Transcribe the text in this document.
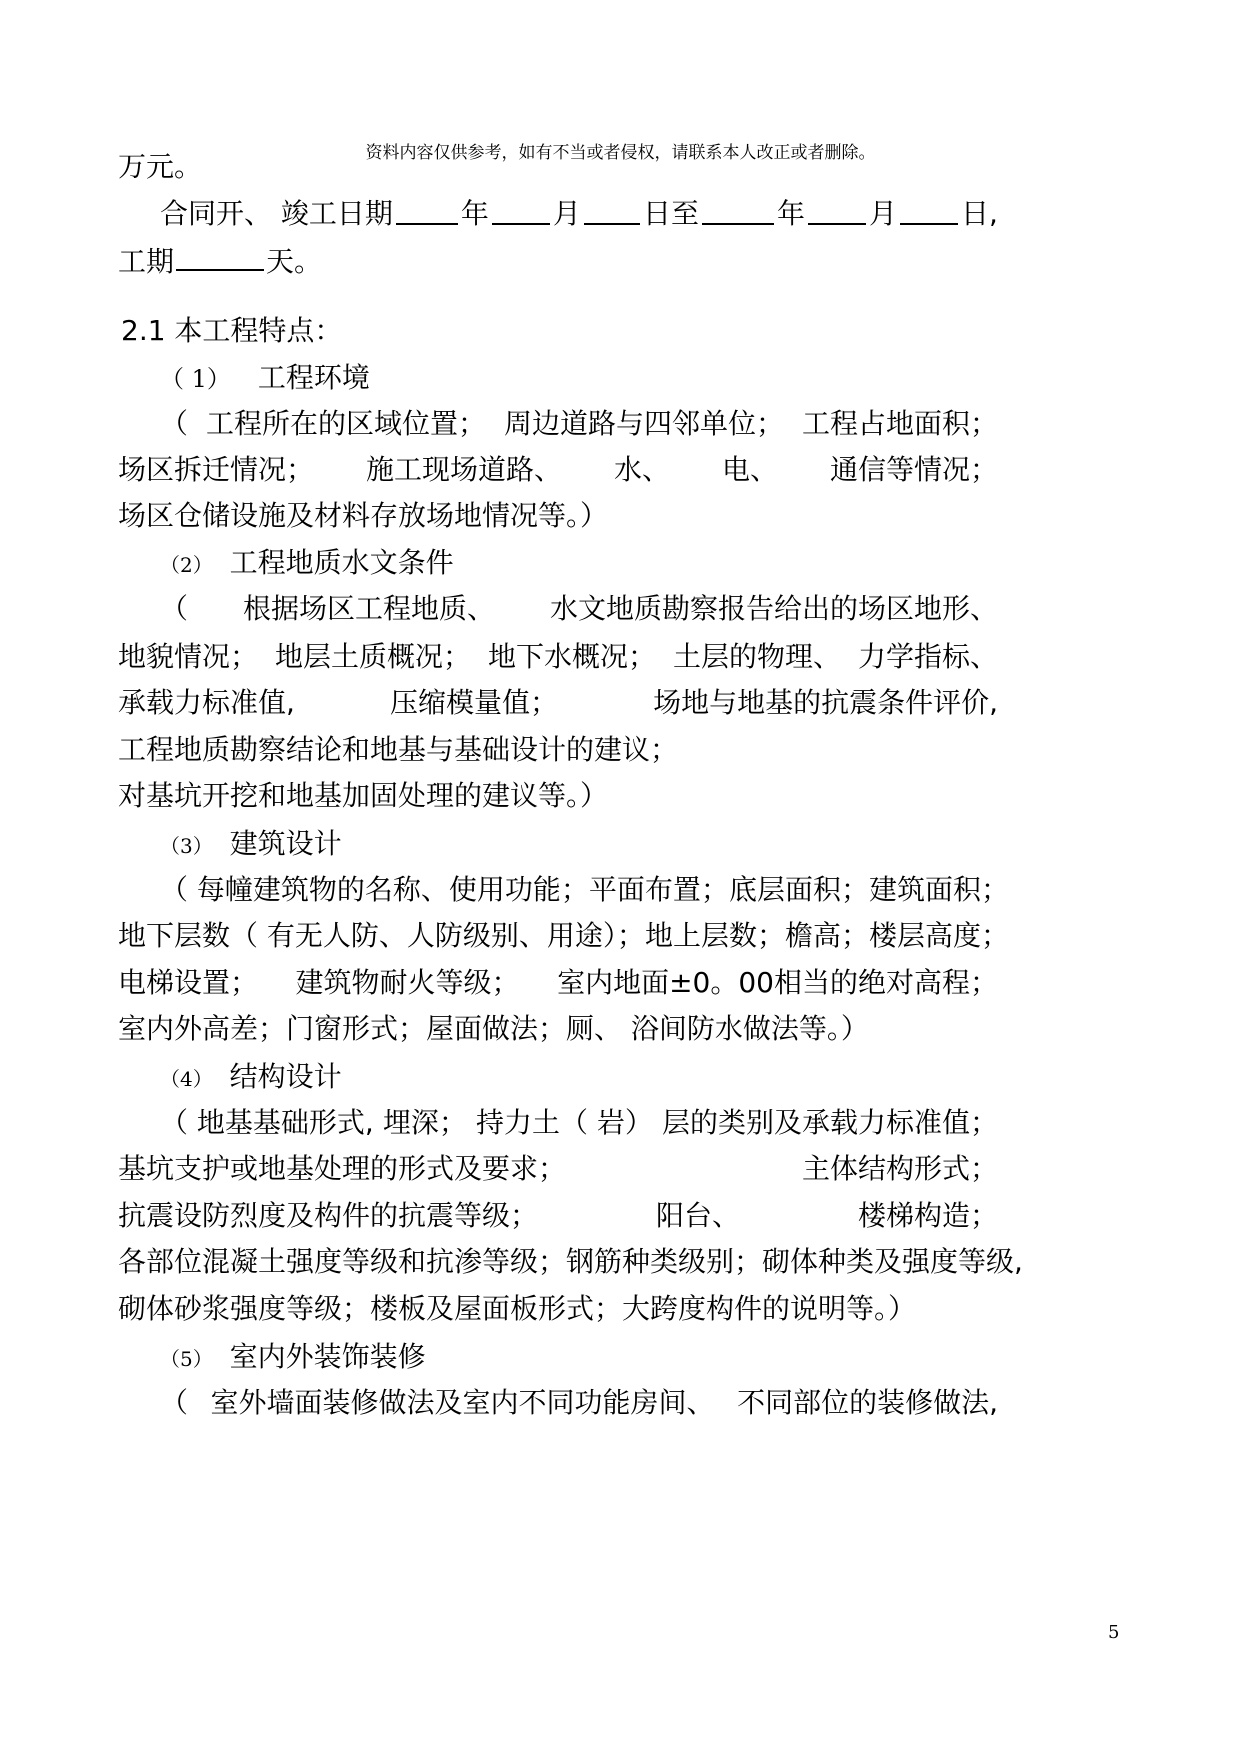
资料内容仅供参考，如有不当或者侵权，请联系本人改正或者删除。
万元。
合同开、 竣工日期 年 月 日至	年 月 日,
工期	天。
2.1 本工程特点：
（ 1） 工程环境
（ 工程所在的区域位置； 周边道路与四邻单位； 工程占地面积；
场区拆迁情况； 施工现场道路、 水、 电、 通信等情况；
场区仓储设施及材料存放场地情况等。）
（2） 工程地质水文条件
（ 根据场区工程地质、 水文地质勘察报告给出的场区地形、
地貌情况； 地层土质概况； 地下水概况； 土层的物理、 力学指标、
承载力标准值,	压缩模量值；	场地与地基的抗震条件评价,
工程地质勘察结论和地基与基础设计的建议；
对基坑开挖和地基加固处理的建议等。）
（3） 建筑设计
（ 每幢建筑物的名称、 使用功能； 平面布置； 底层面积； 建筑面积；
地下层数（ 有无人防、 人防级别、 用途）； 地上层数； 檐高； 楼层高度；
电梯设置； 建筑物耐火等级； 室内地面±0。00相当的绝对高程；
室内外高差；门窗形式；屋面做法；厕、 浴间防水做法等。）
（4） 结构设计
（ 地基基础形式, 埋深； 持力土（ 岩） 层的类别及承载力标准值；
基坑支护或地基处理的形式及要求；	主体结构形式；
抗震设防烈度及构件的抗震等级；	阳台、	楼梯构造；
各部位混凝土强度等级和抗渗等级； 钢筋种类级别； 砌体种类及强度等级,
砌体砂浆强度等级；楼板及屋面板形式；大跨度构件的说明等。）
（5） 室内外装饰装修
（ 室外墙面装修做法及室内不同功能房间、 不同部位的装修做法,
5
